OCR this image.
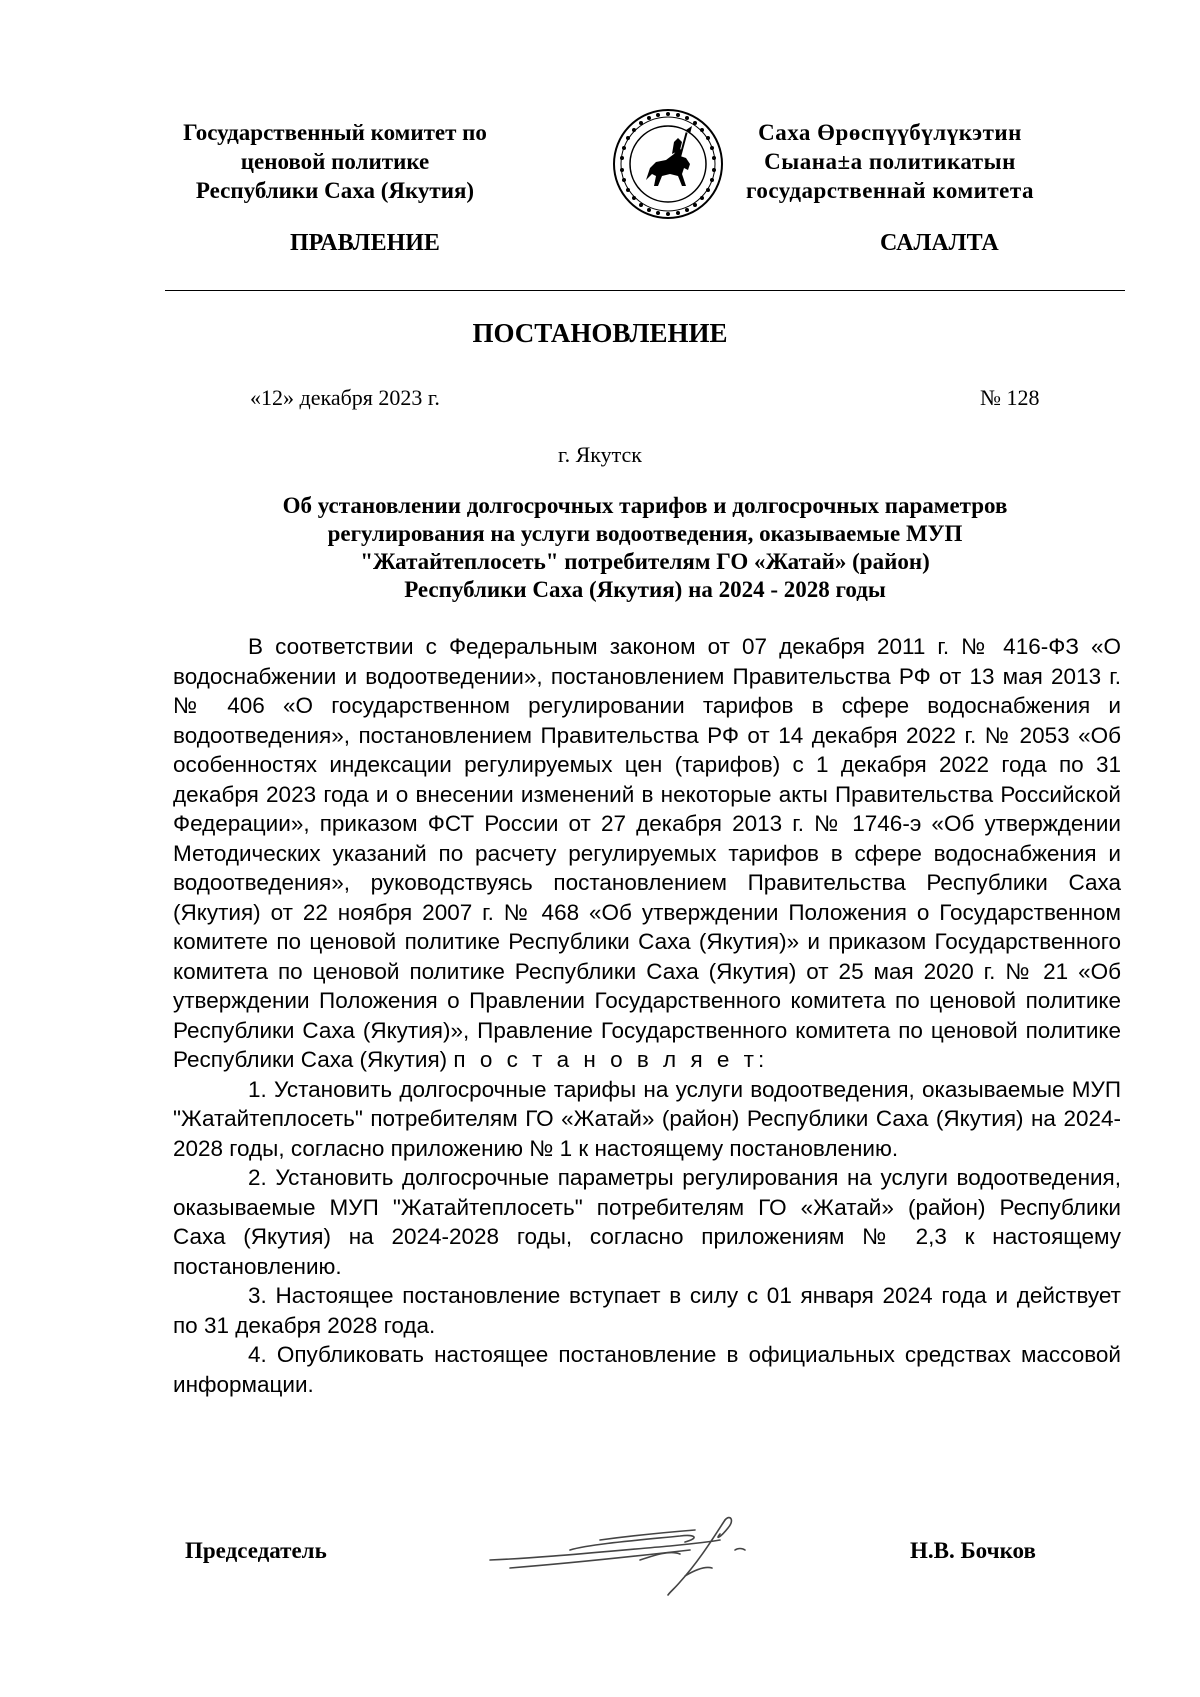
Государственный комитет по
ценовой политике
Республики Саха (Якутия)
Саха Өрөспүүбүлүкэтин
Сыана±а политикатын
государственнай комитета
ПРАВЛЕНИЕ	САЛАЛТА
ПОСТАНОВЛЕНИЕ
«12» декабря 2023 г.	№ 128
г. Якутск
Об установлении долгосрочных тарифов и долгосрочных параметров
регулирования на услуги водоотведения, оказываемые МУП
"Жатайтеплосеть" потребителям ГО «Жатай» (район)
Республики Саха (Якутия) на 2024 - 2028 годы

В соответствии с Федеральным законом от 07 декабря 2011 г. № 416-ФЗ «О водоснабжении и водоотведении», постановлением Правительства РФ от 13 мая 2013 г. № 406 «О государственном регулировании тарифов в сфере водоснабжения и водоотведения», постановлением Правительства РФ от 14 декабря 2022 г. № 2053 «Об особенностях индексации регулируемых цен (тарифов) с 1 декабря 2022 года по 31 декабря 2023 года и о внесении изменений в некоторые акты Правительства Российской Федерации», приказом ФСТ России от 27 декабря 2013 г. № 1746-э «Об утверждении Методических указаний по расчету регулируемых тарифов в сфере водоснабжения и водоотведения», руководствуясь постановлением Правительства Республики Саха (Якутия) от 22 ноября 2007 г. № 468 «Об утверждении Положения о Государственном комитете по ценовой политике Республики Саха (Якутия)» и приказом Государственного комитета по ценовой политике Республики Саха (Якутия) от 25 мая 2020 г. № 21 «Об утверждении Положения о Правлении Государственного комитета по ценовой политике Республики Саха (Якутия)», Правление Государственного комитета по ценовой политике Республики Саха (Якутия) п о с т а н о в л я е т:

1. Установить долгосрочные тарифы на услуги водоотведения, оказываемые МУП "Жатайтеплосеть" потребителям ГО «Жатай» (район) Республики Саха (Якутия) на 2024-2028 годы, согласно приложению № 1 к настоящему постановлению.

2. Установить долгосрочные параметры регулирования на услуги водоотведения, оказываемые МУП "Жатайтеплосеть" потребителям ГО «Жатай» (район) Республики Саха (Якутия) на 2024-2028 годы, согласно приложениям № 2,3 к настоящему постановлению.

3. Настоящее постановление вступает в силу с 01 января 2024 года и действует по 31 декабря 2028 года.

4. Опубликовать настоящее постановление в официальных средствах массовой информации.

Председатель	Н.В. Бочков
